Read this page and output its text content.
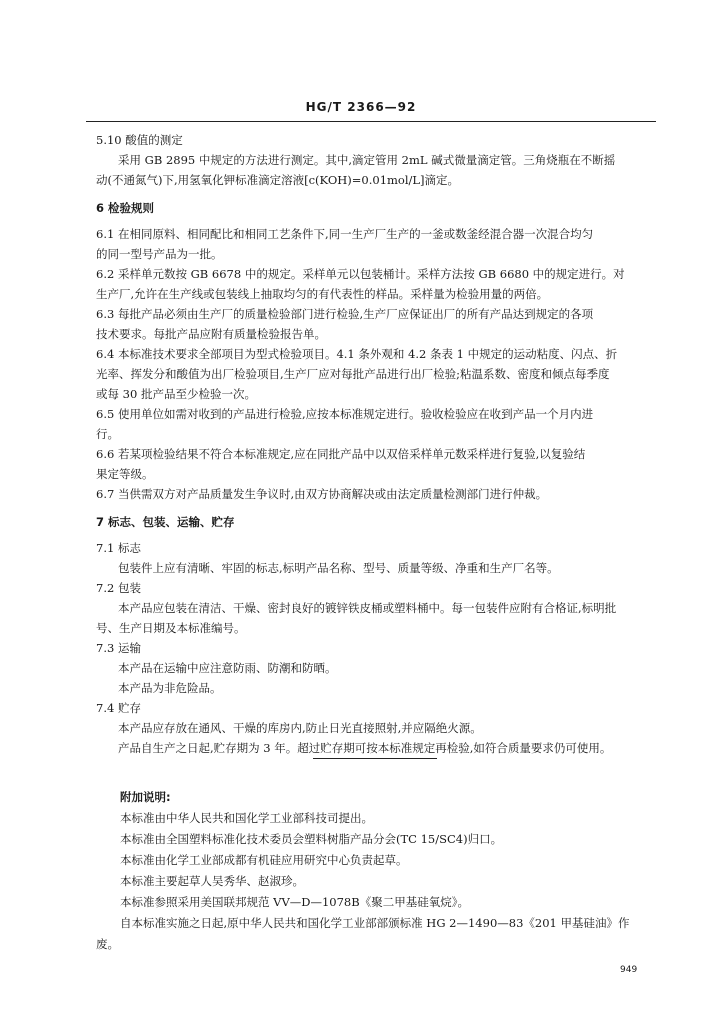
HG/T 2366—92
5.10 酸值的测定
采用 GB 2895 中规定的方法进行测定。其中,滴定管用 2mL 碱式微量滴定管。三角烧瓶在不断摇
动(不通氮气)下,用氢氧化钾标准滴定溶液[c(KOH)=0.01mol/L]滴定。
6 检验规则
6.1 在相同原料、相同配比和相同工艺条件下,同一生产厂生产的一釜或数釜经混合器一次混合均匀
的同一型号产品为一批。
6.2 采样单元数按 GB 6678 中的规定。采样单元以包装桶计。采样方法按 GB 6680 中的规定进行。对
生产厂,允许在生产线或包装线上抽取均匀的有代表性的样品。采样量为检验用量的两倍。
6.3 每批产品必须由生产厂的质量检验部门进行检验,生产厂应保证出厂的所有产品达到规定的各项
技术要求。每批产品应附有质量检验报告单。
6.4 本标准技术要求全部项目为型式检验项目。4.1 条外观和 4.2 条表 1 中规定的运动粘度、闪点、折
光率、挥发分和酸值为出厂检验项目,生产厂应对每批产品进行出厂检验;粘温系数、密度和倾点每季度
或每 30 批产品至少检验一次。
6.5 使用单位如需对收到的产品进行检验,应按本标准规定进行。验收检验应在收到产品一个月内进
行。
6.6 若某项检验结果不符合本标准规定,应在同批产品中以双倍采样单元数采样进行复验,以复验结
果定等级。
6.7 当供需双方对产品质量发生争议时,由双方协商解决或由法定质量检测部门进行仲裁。
7 标志、包装、运输、贮存
7.1 标志
包装件上应有清晰、牢固的标志,标明产品名称、型号、质量等级、净重和生产厂名等。
7.2 包装
本产品应包装在清洁、干燥、密封良好的镀锌铁皮桶或塑料桶中。每一包装件应附有合格证,标明批
号、生产日期及本标准编号。
7.3 运输
本产品在运输中应注意防雨、防潮和防晒。
本产品为非危险品。
7.4 贮存
本产品应存放在通风、干燥的库房内,防止日光直接照射,并应隔绝火源。
产品自生产之日起,贮存期为 3 年。超过贮存期可按本标准规定再检验,如符合质量要求仍可使用。
附加说明:
本标准由中华人民共和国化学工业部科技司提出。
本标准由全国塑料标准化技术委员会塑料树脂产品分会(TC 15/SC4)归口。
本标准由化学工业部成都有机硅应用研究中心负责起草。
本标准主要起草人吴秀华、赵淑珍。
本标准参照采用美国联邦规范 VV—D—1078B《聚二甲基硅氧烷》。
自本标准实施之日起,原中华人民共和国化学工业部部颁标准 HG 2—1490—83《201 甲基硅油》作
废。
949
